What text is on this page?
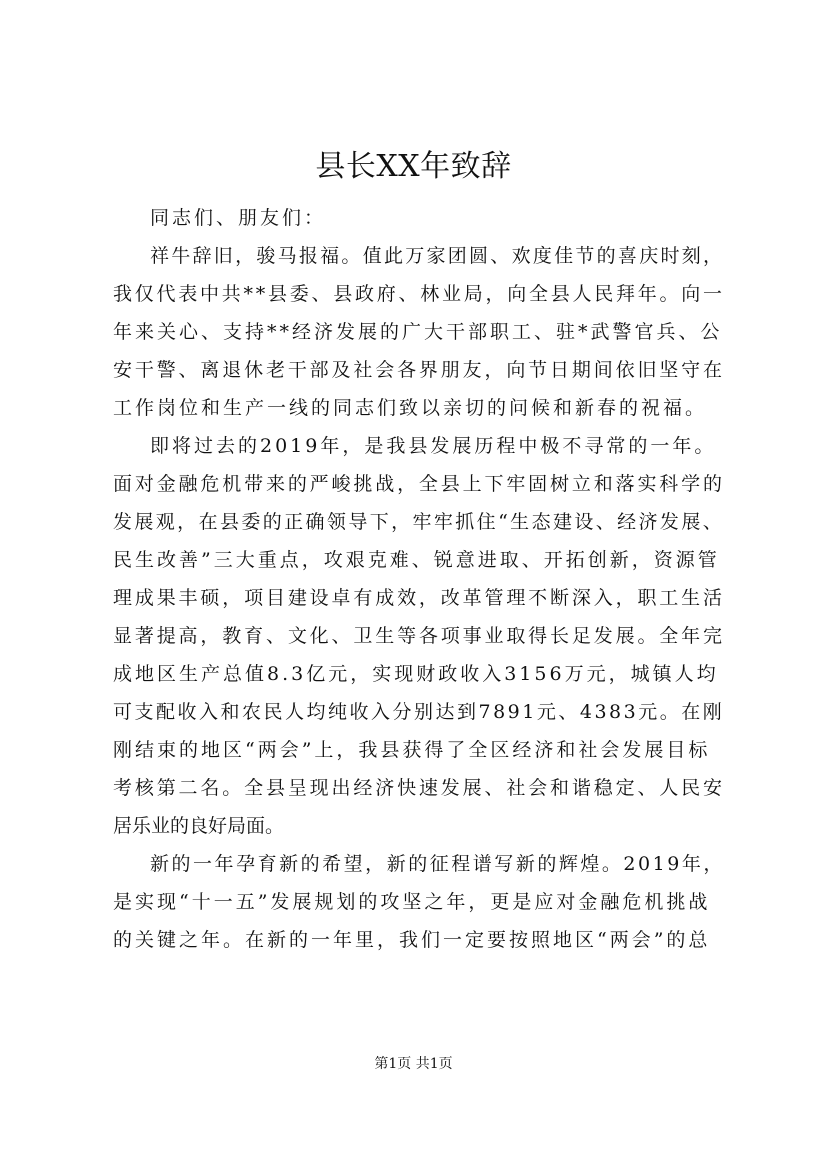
县长XX年致辞
同志们、朋友们：
祥牛辞旧，骏马报福。值此万家团圆、欢度佳节的喜庆时刻，
我仅代表中共**县委、县政府、林业局，向全县人民拜年。向一
年来关心、支持**经济发展的广大干部职工、驻*武警官兵、公
安干警、离退休老干部及社会各界朋友，向节日期间依旧坚守在
工作岗位和生产一线的同志们致以亲切的问候和新春的祝福。
即将过去的2019年，是我县发展历程中极不寻常的一年。
面对金融危机带来的严峻挑战，全县上下牢固树立和落实科学的
发展观，在县委的正确领导下，牢牢抓住“生态建设、经济发展、
民生改善”三大重点，攻艰克难、锐意进取、开拓创新，资源管
理成果丰硕，项目建设卓有成效，改革管理不断深入，职工生活
显著提高，教育、文化、卫生等各项事业取得长足发展。全年完
成地区生产总值8.3亿元，实现财政收入3156万元，城镇人均
可支配收入和农民人均纯收入分别达到7891元、4383元。在刚
刚结束的地区“两会”上，我县获得了全区经济和社会发展目标
考核第二名。全县呈现出经济快速发展、社会和谐稳定、人民安
居乐业的良好局面。
新的一年孕育新的希望，新的征程谱写新的辉煌。2019年，
是实现“十一五”发展规划的攻坚之年，更是应对金融危机挑战
的关键之年。在新的一年里，我们一定要按照地区“两会”的总
第1页 共1页
